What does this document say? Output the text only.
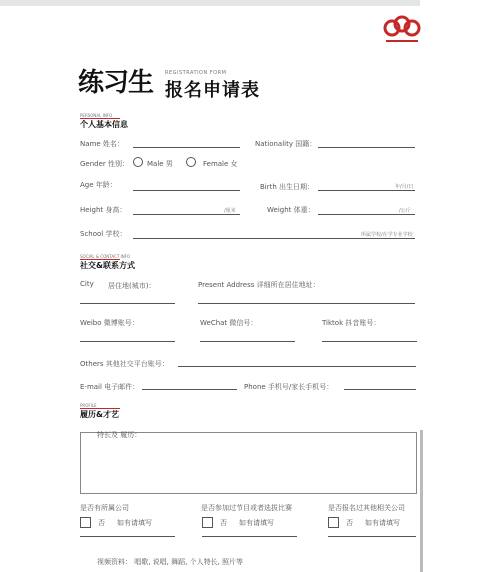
练习生 REGISTRATION FORM
报名申请表
PERSONAL INFO
个人基本信息
Name 姓名：	Nationality 国籍：
Gender 性别：	Male 男	Female 女
Age 年龄：	Birth 出生日期：	年/月/日
Height 身高：	/厘米	Weight 体重：	/公斤
School 学校：	所属学校/在学专业学校
SOCIAL & CONTACT INFO
社交&联系方式
City 居住地(城市)：	Present Address 详细所在居住地址：
Weibo 微博账号：	WeChat 微信号：	Tiktok 抖音账号：
Others 其他社交平台账号：
E-mail 电子邮件：	Phone 手机号/家长手机号：
PROFILE
履历&才艺
特长及 履历：
是否有所属公司
否 如有请填写
是否参加过节目或者选拔比赛
否 如有请填写
是否报名过其他相关公司
否 如有请填写
视频资料： 唱歌, 说唱, 舞蹈, 个人特长, 照片等
